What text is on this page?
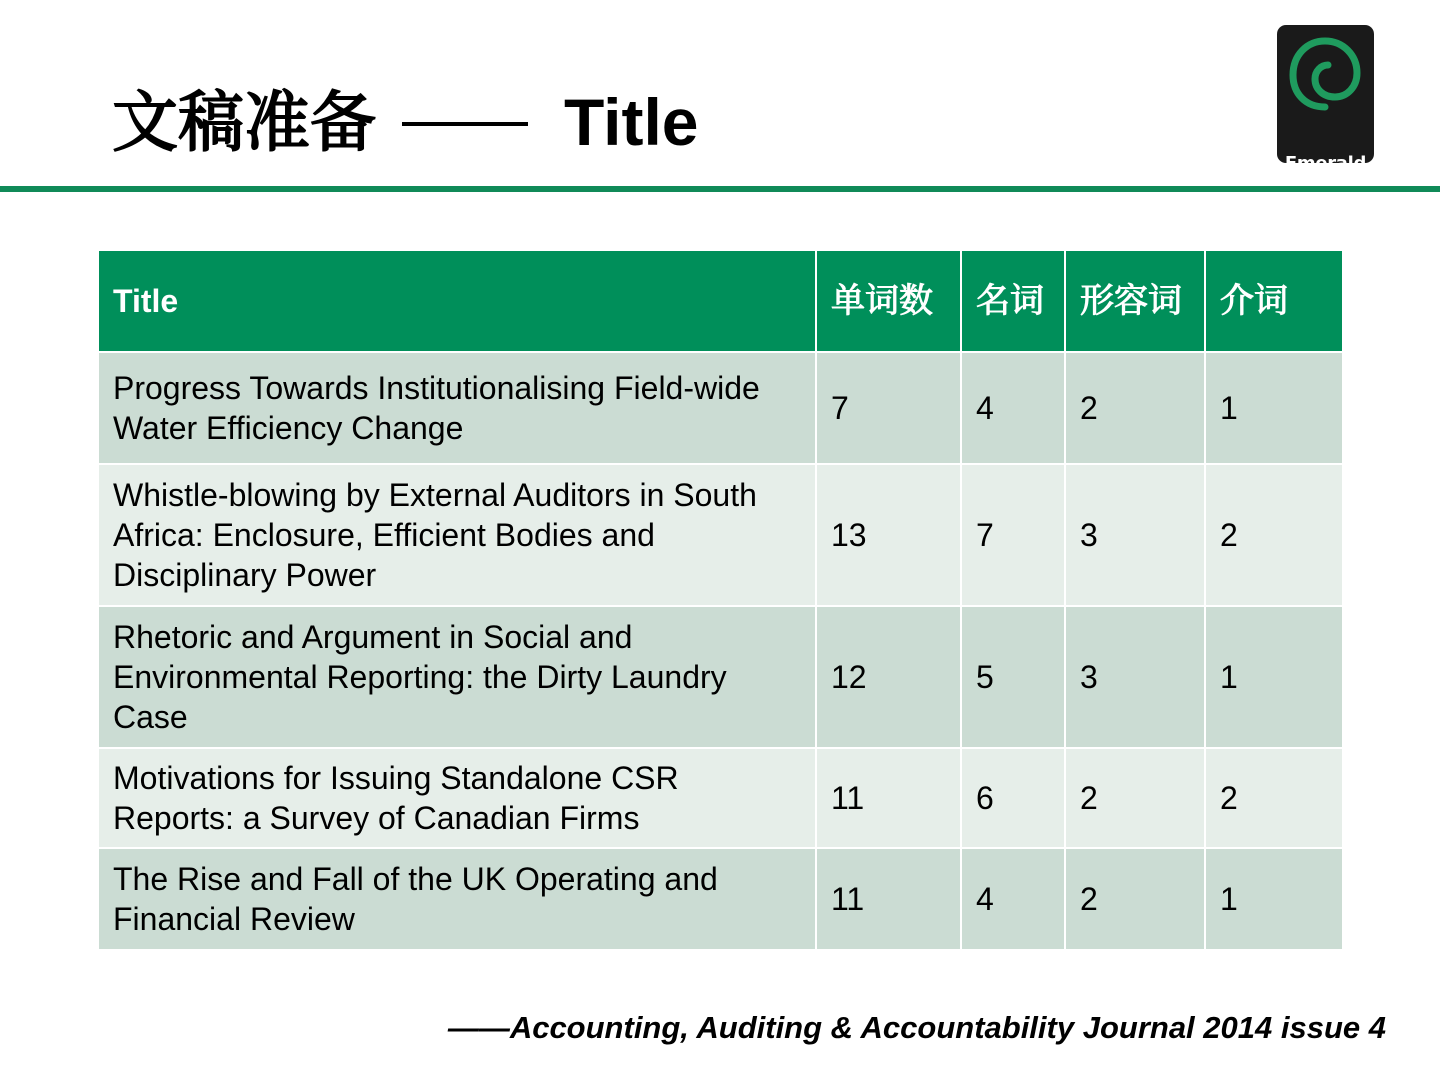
文稿准备	Title
Emerald
Title	单词数	名词	形容词	介词
Progress Towards Institutionalising Field-wide Water Efficiency Change	7	4	2	1
Whistle-blowing by External Auditors in South Africa: Enclosure, Efficient Bodies and Disciplinary Power	13	7	3	2
Rhetoric and Argument in Social and Environmental Reporting: the Dirty Laundry Case	12	5	3	1
Motivations for Issuing Standalone CSR Reports: a Survey of Canadian Firms	11	6	2	2
The Rise and Fall of the UK Operating and Financial Review	11	4	2	1
——Accounting, Auditing & Accountability Journal 2014 issue 4
